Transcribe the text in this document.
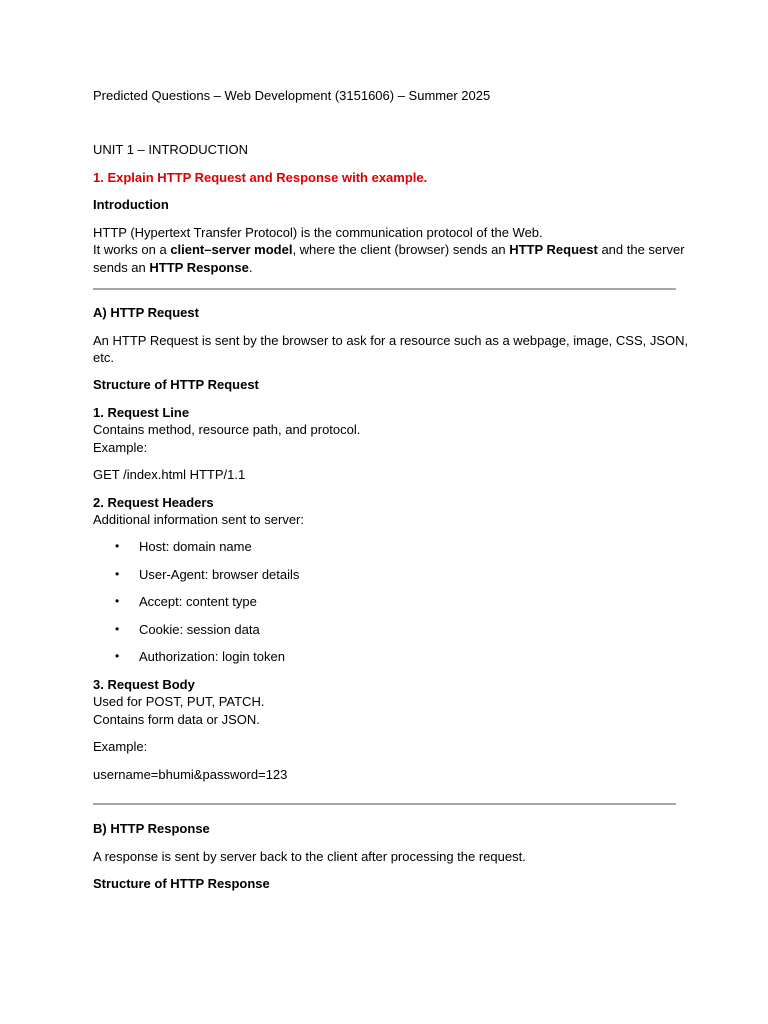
Predicted Questions – Web Development (3151606) – Summer 2025
UNIT 1 – INTRODUCTION
1. Explain HTTP Request and Response with example.
Introduction
HTTP (Hypertext Transfer Protocol) is the communication protocol of the Web.
It works on a client–server model, where the client (browser) sends an HTTP Request and the server
sends an HTTP Response.
A) HTTP Request
An HTTP Request is sent by the browser to ask for a resource such as a webpage, image, CSS, JSON,
etc.
Structure of HTTP Request
1. Request Line
Contains method, resource path, and protocol.
Example:
GET /index.html HTTP/1.1
2. Request Headers
Additional information sent to server:
• Host: domain name
• User-Agent: browser details
• Accept: content type
• Cookie: session data
• Authorization: login token
3. Request Body
Used for POST, PUT, PATCH.
Contains form data or JSON.
Example:
username=bhumi&password=123
B) HTTP Response
A response is sent by server back to the client after processing the request.
Structure of HTTP Response
